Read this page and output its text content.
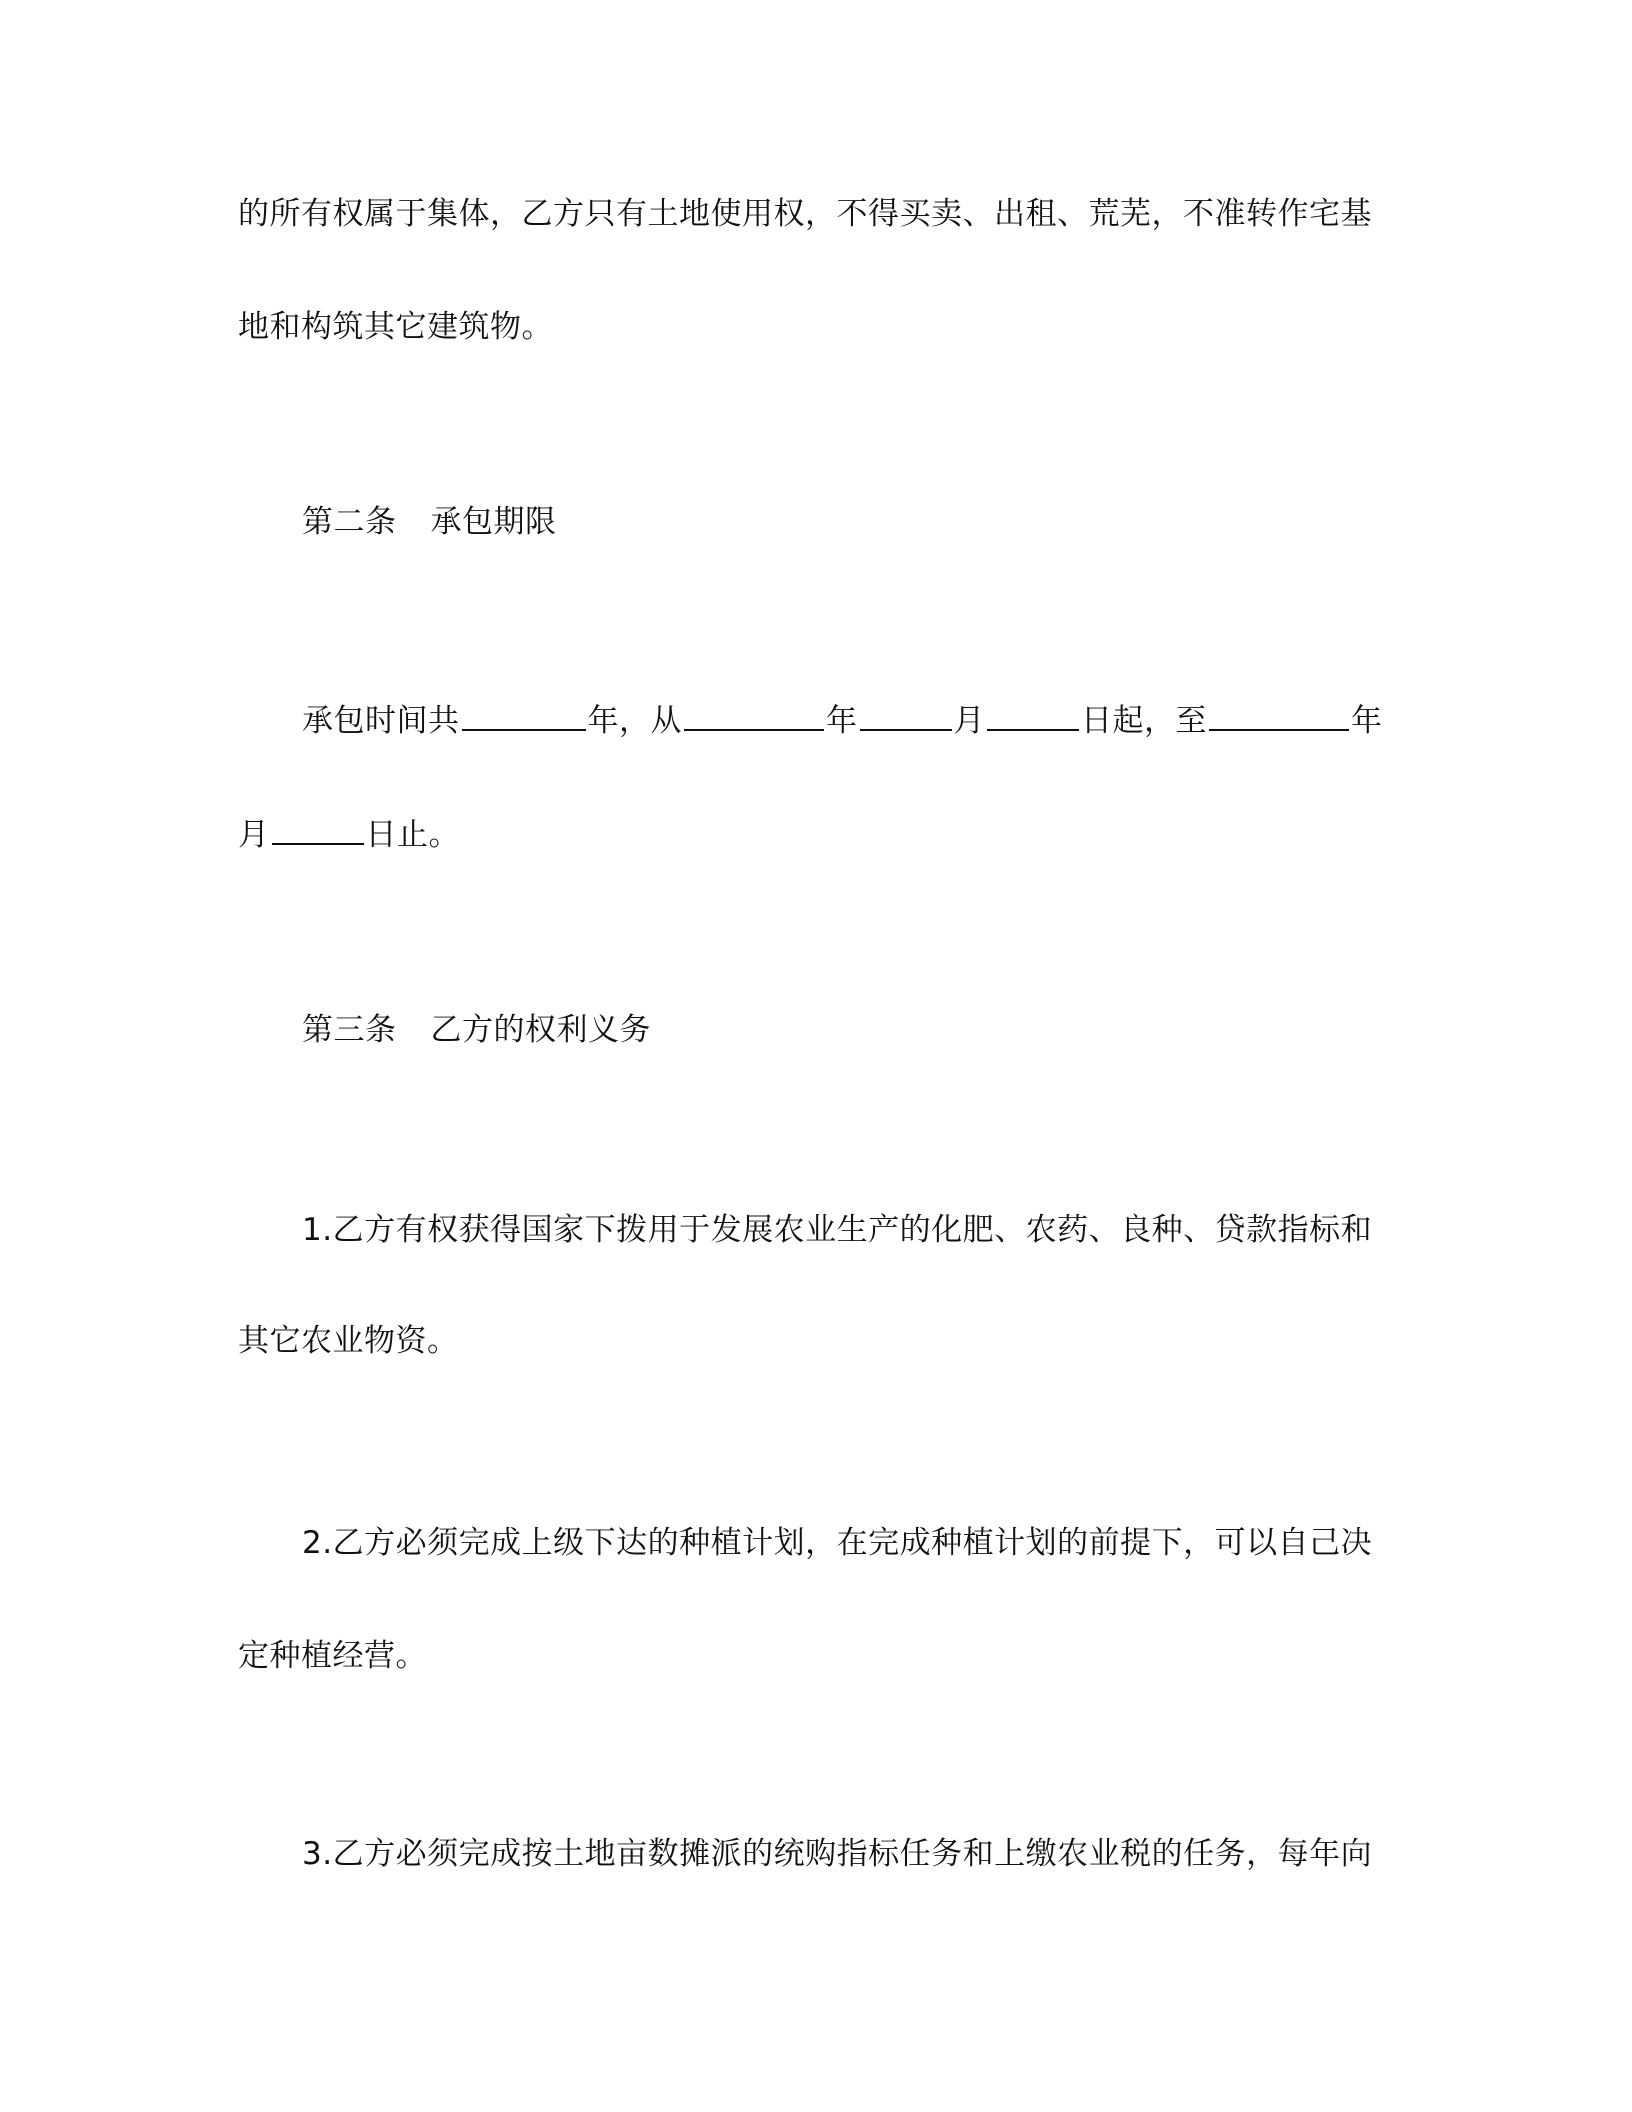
的所有权属于集体，乙方只有土地使用权，不得买卖、出租、荒芜，不准转作宅基
地和构筑其它建筑物。
第二条 承包期限
承包时间共	年，从	年	月	日起，至	年
月	日止。
第三条 乙方的权利义务
1.乙方有权获得国家下拨用于发展农业生产的化肥、农药、良种、贷款指标和
其它农业物资。
2.乙方必须完成上级下达的种植计划，在完成种植计划的前提下，可以自己决
定种植经营。
3.乙方必须完成按土地亩数摊派的统购指标任务和上缴农业税的任务，每年向
